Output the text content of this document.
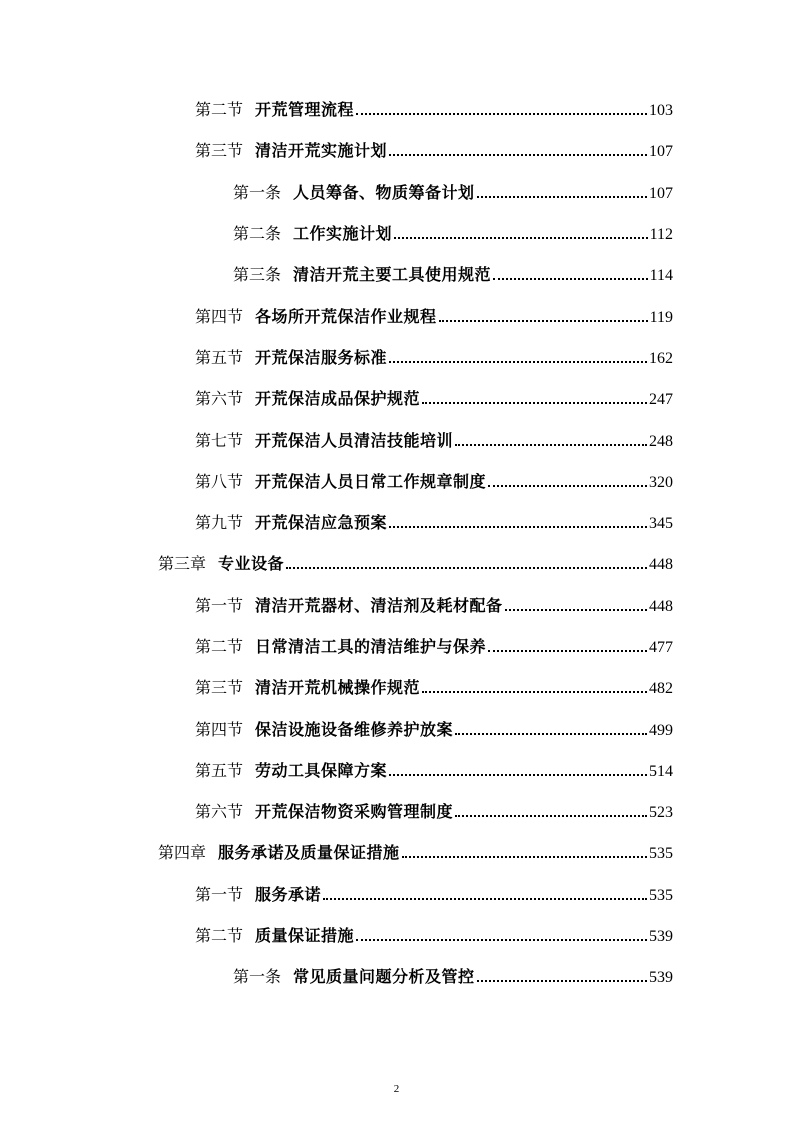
第二节 开荒管理流程	103
第三节 清洁开荒实施计划	107
第一条 人员筹备、物质筹备计划	107
第二条 工作实施计划	112
第三条 清洁开荒主要工具使用规范	114
第四节 各场所开荒保洁作业规程	119
第五节 开荒保洁服务标准	162
第六节 开荒保洁成品保护规范	247
第七节 开荒保洁人员清洁技能培训	248
第八节 开荒保洁人员日常工作规章制度	320
第九节 开荒保洁应急预案	345
第三章 专业设备	448
第一节 清洁开荒器材、清洁剂及耗材配备	448
第二节 日常清洁工具的清洁维护与保养	477
第三节 清洁开荒机械操作规范	482
第四节 保洁设施设备维修养护放案	499
第五节 劳动工具保障方案	514
第六节 开荒保洁物资采购管理制度	523
第四章 服务承诺及质量保证措施	535
第一节 服务承诺	535
第二节 质量保证措施	539
第一条 常见质量问题分析及管控	539
2
